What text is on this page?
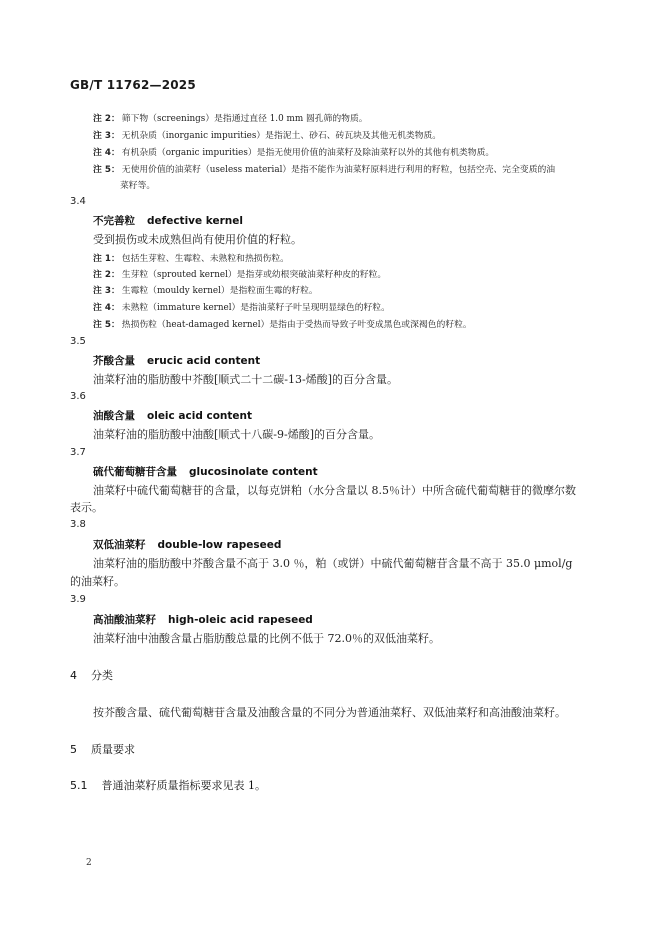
GB/T 11762—2025
注 2： 筛下物（screenings）是指通过直径 1.0 mm 圆孔筛的物质。
注 3： 无机杂质（inorganic impurities）是指泥土、砂石、砖瓦块及其他无机类物质。
注 4： 有机杂质（organic impurities）是指无使用价值的油菜籽及除油菜籽以外的其他有机类物质。
注 5： 无使用价值的油菜籽（useless material）是指不能作为油菜籽原料进行利用的籽粒，包括空壳、完全变质的油
菜籽等。
3.4
不完善粒 defective kernel
受到损伤或未成熟但尚有使用价值的籽粒。
注 1： 包括生芽粒、生霉粒、未熟粒和热损伤粒。
注 2： 生芽粒（sprouted kernel）是指芽或幼根突破油菜籽种皮的籽粒。
注 3： 生霉粒（mouldy kernel）是指粒面生霉的籽粒。
注 4： 未熟粒（immature kernel）是指油菜籽子叶呈现明显绿色的籽粒。
注 5： 热损伤粒（heat-damaged kernel）是指由于受热而导致子叶变成黑色或深褐色的籽粒。
3.5
芥酸含量 erucic acid content
油菜籽油的脂肪酸中芥酸[顺式二十二碳-13-烯酸]的百分含量。
3.6
油酸含量 oleic acid content
油菜籽油的脂肪酸中油酸[顺式十八碳-9-烯酸]的百分含量。
3.7
硫代葡萄糖苷含量 glucosinolate content
油菜籽中硫代葡萄糖苷的含量，以每克饼粕（水分含量以 8.5％计）中所含硫代葡萄糖苷的微摩尔数
表示。
3.8
双低油菜籽 double-low rapeseed
油菜籽油的脂肪酸中芥酸含量不高于 3.0 ％，粕（或饼）中硫代葡萄糖苷含量不高于 35.0 μmol/g
的油菜籽。
3.9
高油酸油菜籽 high-oleic acid rapeseed
油菜籽油中油酸含量占脂肪酸总量的比例不低于 72.0％的双低油菜籽。
4 分类
按芥酸含量、硫代葡萄糖苷含量及油酸含量的不同分为普通油菜籽、双低油菜籽和高油酸油菜籽。
5 质量要求
5.1 普通油菜籽质量指标要求见表 1。
2
